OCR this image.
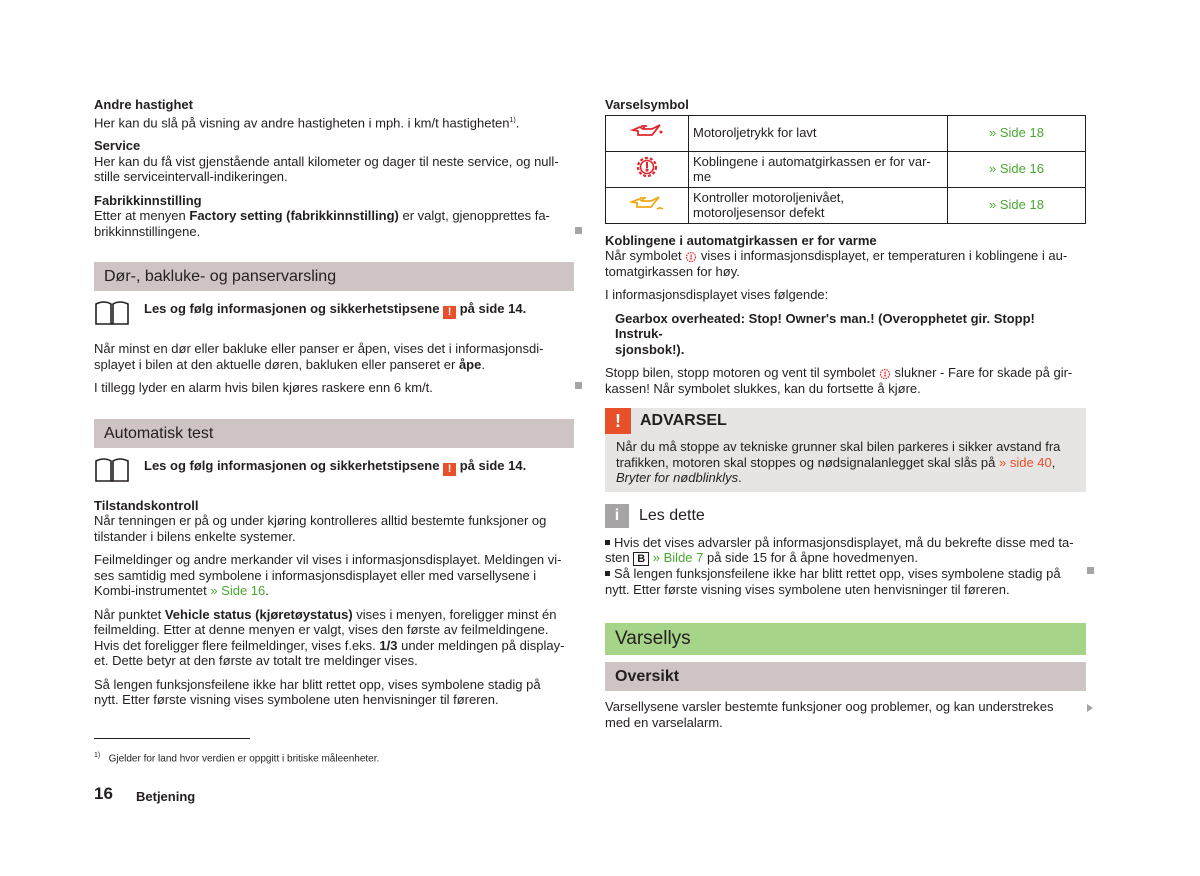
Andre hastighet

Her kan du slå på visning av andre hastigheten i mph. i km/t hastigheten$^{1)}$.

Service

Her kan du få vist gjenstående antall kilometer og dager til neste service, og null-

stille serviceintervall-indikeringen.

Fabrikkinnstilling

Etter at menyen Factory setting (fabrikkinnstilling) er valgt, gjenopprettes fa-

brikkinnstillingene.

Dør-, bakluke- og panservarsling
Les og følg informasjonen og sikkerhetstipsene ! på side 14.

Når minst en dør eller bakluke eller panser er åpen, vises det i informasjonsdi-

splayet i bilen at den aktuelle døren, bakluken eller panseret er åpe.

I tillegg lyder en alarm hvis bilen kjøres raskere enn 6 km/t.

Automatisk test
Les og følg informasjonen og sikkerhetstipsene ! på side 14.

Tilstandskontroll

Når tenningen er på og under kjøring kontrolleres alltid bestemte funksjoner og

tilstander i bilens enkelte systemer.

Feilmeldinger og andre merkander vil vises i informasjonsdisplayet. Meldingen vi-

ses samtidig med symbolene i informasjonsdisplayet eller med varsellysene i

Kombi-instrumentet » Side 16.

Når punktet Vehicle status (kjøretøystatus) vises i menyen, foreligger minst én

feilmelding. Etter at denne menyen er valgt, vises den første av feilmeldingene.

Hvis det foreligger flere feilmeldinger, vises f.eks. 1/3 under meldingen på display-

et. Dette betyr at den første av totalt tre meldinger vises.

Så lengen funksjonsfeilene ikke har blitt rettet opp, vises symbolene stadig på

nytt. Etter første visning vises symbolene uten henvisninger til føreren.

Varselsymbol

	Motoroljetrykk for lavt	» Side 18
	Koblingene i automatgirkassen er for var-
me	» Side 16
	Kontroller motoroljenivået,
motoroljesensor defekt	» Side 18

Koblingene i automatgirkassen er for varme

Når symbolet vises i informasjonsdisplayet, er temperaturen i koblingene i au-

tomatgirkassen for høy.

I informasjonsdisplayet vises følgende:

Gearbox overheated: Stop! Owner's man.! (Overopphetet gir. Stopp! Instruk-

sjonsbok!).

Stopp bilen, stopp motoren og vent til symbolet slukner - Fare for skade på gir-

kassen! Når symbolet slukkes, kan du fortsette å kjøre.

!	ADVARSEL

Når du må stoppe av tekniske grunner skal bilen parkeres i sikker avstand fra

trafikken, motoren skal stoppes og nødsignalanlegget skal slås på » side 40,

Bryter for nødblinklys.

i	Les dette

Hvis det vises advarsler på informasjonsdisplayet, må du bekrefte disse med ta-

sten B » Bilde 7 på side 15 for å åpne hovedmenyen.

Så lengen funksjonsfeilene ikke har blitt rettet opp, vises symbolene stadig på

nytt. Etter første visning vises symbolene uten henvisninger til føreren.

Varsellys
Oversikt

Varsellysene varsler bestemte funksjoner oog problemer, og kan understrekes

med en varselalarm.

$^{1)}$ Gjelder for land hvor verdien er oppgitt i britiske måleenheter.
16 Betjening
